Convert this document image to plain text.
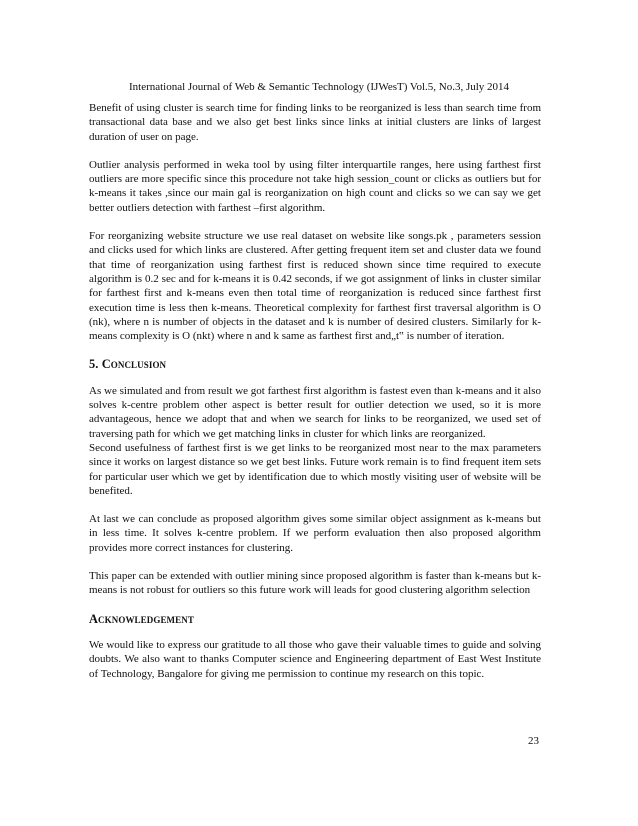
International Journal of Web & Semantic Technology (IJWesT) Vol.5, No.3, July 2014

Benefit of using cluster is search time for finding links to be reorganized is less than search time from transactional data base and we also get best links since links at initial clusters are links of largest duration of user on page.

Outlier analysis performed in weka tool by using filter interquartile ranges, here using farthest first outliers are more specific since this procedure not take high session_count or clicks as outliers but for k-means it takes ,since our main gal is reorganization on high count and clicks so we can say we get better outliers detection with farthest –first algorithm.

For reorganizing website structure we use real dataset on website like songs.pk , parameters session and clicks used for which links are clustered. After getting frequent item set and cluster data we found that time of reorganization using farthest first is reduced shown since time required to execute algorithm is 0.2 sec and for k-means it is 0.42 seconds, if we got assignment of links in cluster similar for farthest first and k-means even then total time of reorganization is reduced since farthest first execution time is less then k-means. Theoretical complexity for farthest first traversal algorithm is O (nk), where n is number of objects in the dataset and k is number of desired clusters. Similarly for k-means complexity is O (nkt) where n and k same as farthest first and„t‟ is number of iteration.

5. Conclusion

As we simulated and from result we got farthest first algorithm is fastest even than k-means and it also solves k-centre problem other aspect is better result for outlier detection we used, so it is more advantageous, hence we adopt that and when we search for links to be reorganized, we used set of traversing path for which we get matching links in cluster for which links are reorganized.

Second usefulness of farthest first is we get links to be reorganized most near to the max parameters since it works on largest distance so we get best links. Future work remain is to find frequent item sets for particular user which we get by identification due to which mostly visiting user of website will be benefited.

At last we can conclude as proposed algorithm gives some similar object assignment as k-means but in less time. It solves k-centre problem. If we perform evaluation then also proposed algorithm provides more correct instances for clustering.

This paper can be extended with outlier mining since proposed algorithm is faster than k-means but k-means is not robust for outliers so this future work will leads for good clustering algorithm selection

Acknowledgement

We would like to express our gratitude to all those who gave their valuable times to guide and solving doubts. We also want to thanks Computer science and Engineering department of East West Institute of Technology, Bangalore for giving me permission to continue my research on this topic.

23
